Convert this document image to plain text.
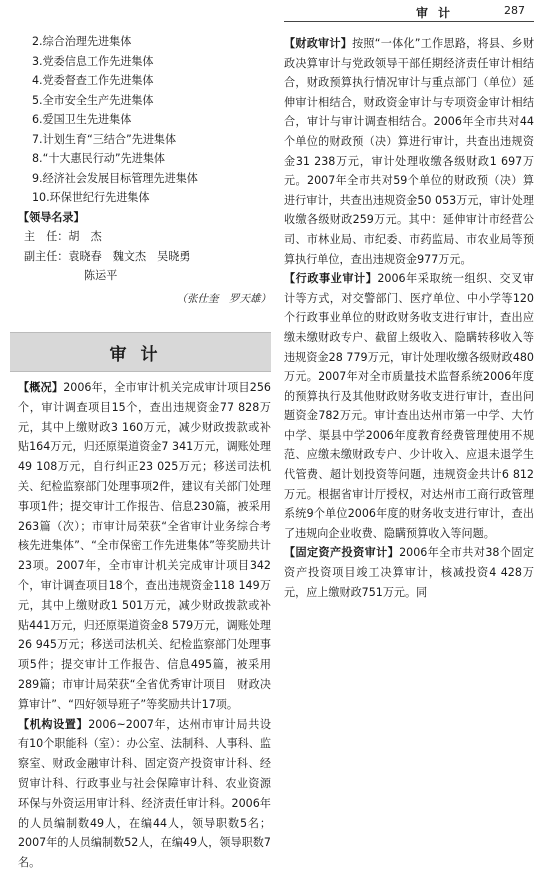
审计	287
2.综合治理先进集体
3.党委信息工作先进集体
4.党委督查工作先进集体
5.全市安全生产先进集体
6.爱国卫生先进集体
7.计划生育“三结合”先进集体
8.“十大惠民行动”先进集体
9.经济社会发展目标管理先进集体
10.环保世纪行先进集体
【领导名录】
主　任：胡　杰
副主任：袁晓春　魏文杰　吴晓勇
陈运平
（张仕奎　罗天雄）
审计

【概况】2006年，全市审计机关完成审计项目256个，审计调查项目15个，查出违规资金77 828万元，其中上缴财政3 160万元，减少财政拨款或补贴164万元，归还原渠道资金7 341万元，调账处理49 108万元，自行纠正23 025万元；移送司法机关、纪检监察部门处理事项2件，建议有关部门处理事项1件；提交审计工作报告、信息230篇，被采用263篇（次）；市审计局荣获“全省审计业务综合考核先进集体”、“全市保密工作先进集体”等奖励共计23项。2007年，全市审计机关完成审计项目342个，审计调查项目18个，查出违规资金118 149万元，其中上缴财政1 501万元，减少财政拨款或补贴441万元，归还原渠道资金8 579万元，调账处理26 945万元；移送司法机关、纪检监察部门处理事项5件；提交审计工作报告、信息495篇，被采用289篇；市审计局荣获“全省优秀审计项目　财政决算审计”、“四好领导班子”等奖励共计17项。

【机构设置】2006~2007年，达州市审计局共设有10个职能科（室）：办公室、法制科、人事科、监察室、财政金融审计科、固定资产投资审计科、经贸审计科、行政事业与社会保障审计科、农业资源环保与外资运用审计科、经济责任审计科。2006年的人员编制数49人，在编44人，领导职数5名；2007年的人员编制数52人，在编49人，领导职数7名。

【财政审计】按照“一体化”工作思路，将县、乡财政决算审计与党政领导干部任期经济责任审计相结合，财政预算执行情况审计与重点部门（单位）延伸审计相结合，财政资金审计与专项资金审计相结合，审计与审计调查相结合。2006年全市共对44个单位的财政预（决）算进行审计，共查出违规资金31 238万元，审计处理收缴各级财政1 697万元。2007年全市共对59个单位的财政预（决）算进行审计，共查出违规资金50 053万元，审计处理收缴各级财政259万元。其中：延伸审计市经营公司、市林业局、市纪委、市药监局、市农业局等预算执行单位，查出违规资金977万元。

【行政事业审计】2006年采取统一组织、交叉审计等方式，对交警部门、医疗单位、中小学等120个行政事业单位的财政财务收支进行审计，查出应缴未缴财政专户、截留上级收入、隐瞒转移收入等违规资金28 779万元，审计处理收缴各级财政480万元。2007年对全市质量技术监督系统2006年度的预算执行及其他财政财务收支进行审计，查出问题资金782万元。审计查出达州市第一中学、大竹中学、渠县中学2006年度教育经费管理使用不规范、应缴未缴财政专户、少计收入、应退未退学生代管费、超计划投资等问题，违规资金共计6 812万元。根据省审计厅授权，对达州市工商行政管理系统9个单位2006年度的财务收支进行审计，查出了违规向企业收费、隐瞒预算收入等问题。

【固定资产投资审计】2006年全市共对38个固定资产投资项目竣工决算审计，核减投资4 428万元，应上缴财政751万元。同
